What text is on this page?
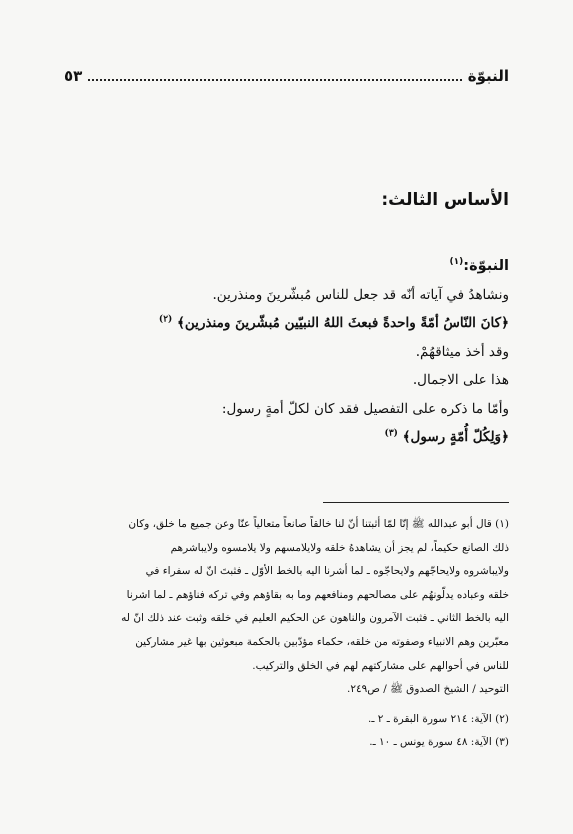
النبوّة
٥٣
الأساس الثالث:
النبوّة:$^{(١)}$
ونشاهدُ في آياته أنّه قد جعل للناس مُبشّرينَ ومنذرين.
﴿كانَ النّاسُ أمّةً واحدةً فبعثَ اللهُ النبيّين مُبشّرينَ ومنذرين﴾ $^{(٢)}$
وقد أخذ ميثاقهُمْ.
هذا على الاجمال.
وأمّا ما ذكره على التفصيل فقد كان لكلّ أمةٍ رسول:
﴿وَلِكُلّ أُمّةٍ رسول﴾ $^{(٣)}$
(١) قال أبو عبدالله ﷺ إنّا لمّا أثبتنا أنّ لنا خالقاً صانعاً متعالياً عنّا وعن جميع ما خلق، وكان
ذلك الصانع حكيماً، لم يجز أن يشاهدهُ خلقه ولايلامسهم ولا يلامسوه ولايباشرهم
ولايباشروه ولايحاجّهم ولايحاجّوه ـ لما أشرنا اليه بالخط الأوّل ـ فثبتَ انّ له سفراء في
خلقه وعباده يدلّونهُم على مصالحهم ومنافعهم وما به بقاؤهم وفي تركه فناؤهم ـ لما اشرنا
اليه بالخط الثاني ـ فثبت الآمرون والناهون عن الحكيم العليم في خلقه وثبت عند ذلك انّ له
معبّرين وهم الانبياء وصفوته من خلقه، حكماء مؤدّبين بالحكمة مبعوثين بها غير مشاركين
للناس في أحوالهم على مشاركتهم لهم في الخلق والتركيب.
التوحيد / الشيخ الصدوق ﷺ / ص٢٤٩.
(٢) الآية: ٢١٤ سورة البقرة ـ ٢ ـ.
(٣) الآية: ٤٨ سورة يونس ـ ١٠ ـ.
